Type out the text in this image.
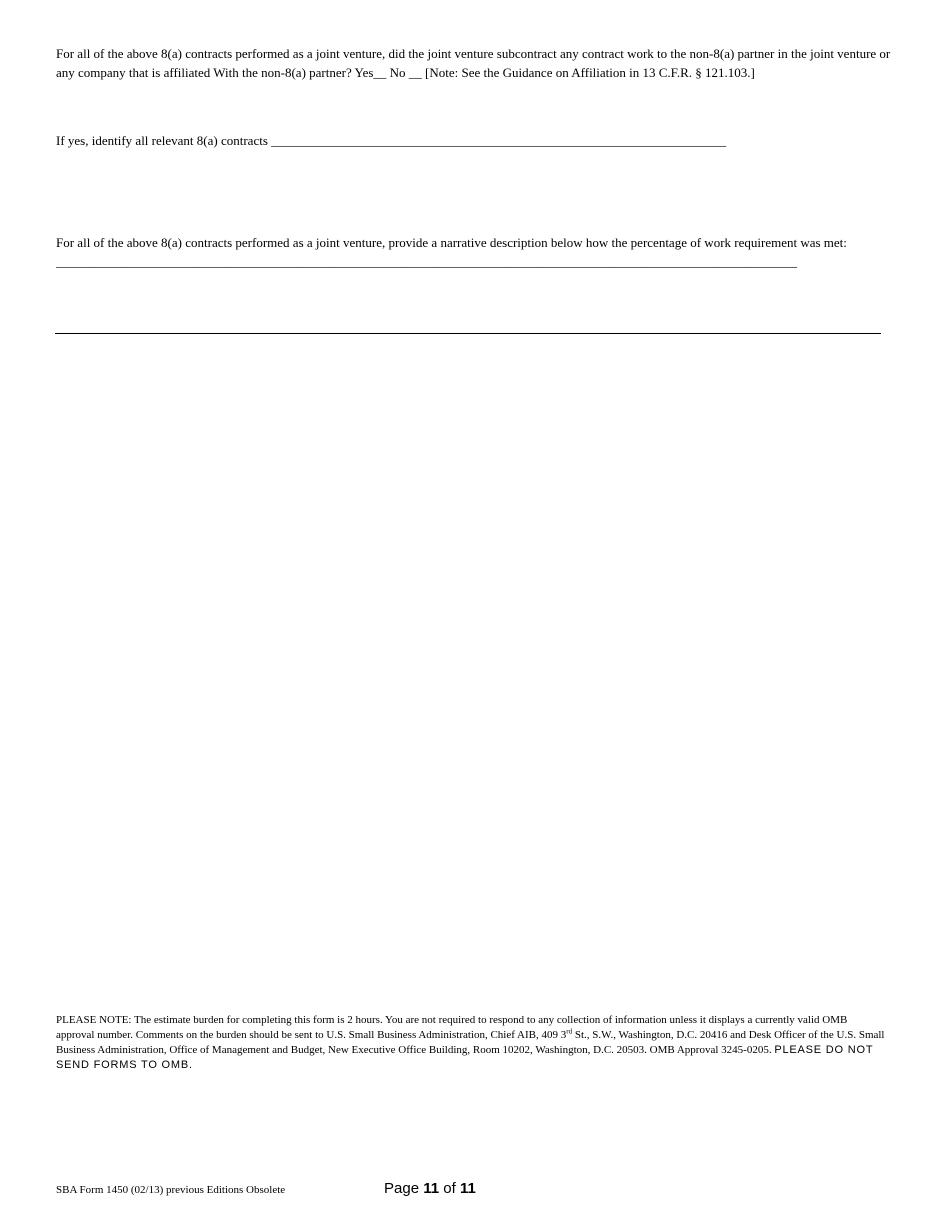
For all of the above 8(a) contracts performed as a joint venture, did the joint venture subcontract any contract work to the non-8(a) partner in the joint venture or any company that is affiliated With the non-8(a) partner? Yes__ No __ [Note: See the Guidance on Affiliation in 13 C.F.R. § 121.103.]

If yes, identify all relevant 8(a) contracts ______________________________________________________________________

For all of the above 8(a) contracts performed as a joint venture, provide a narrative description below how the percentage of work requirement was met: __________________________________________________________________________________________________________________

PLEASE NOTE: The estimate burden for completing this form is 2 hours. You are not required to respond to any collection of information unless it displays a currently valid OMB approval number. Comments on the burden should be sent to U.S. Small Business Administration, Chief AIB, 409 3rd St., S.W., Washington, D.C. 20416 and Desk Officer of the U.S. Small Business Administration, Office of Management and Budget, New Executive Office Building, Room 10202, Washington, D.C. 20503. OMB Approval 3245-0205. PLEASE DO NOT SEND FORMS TO OMB.

SBA Form 1450 (02/13) previous Editions Obsolete	Page 11 of 11
